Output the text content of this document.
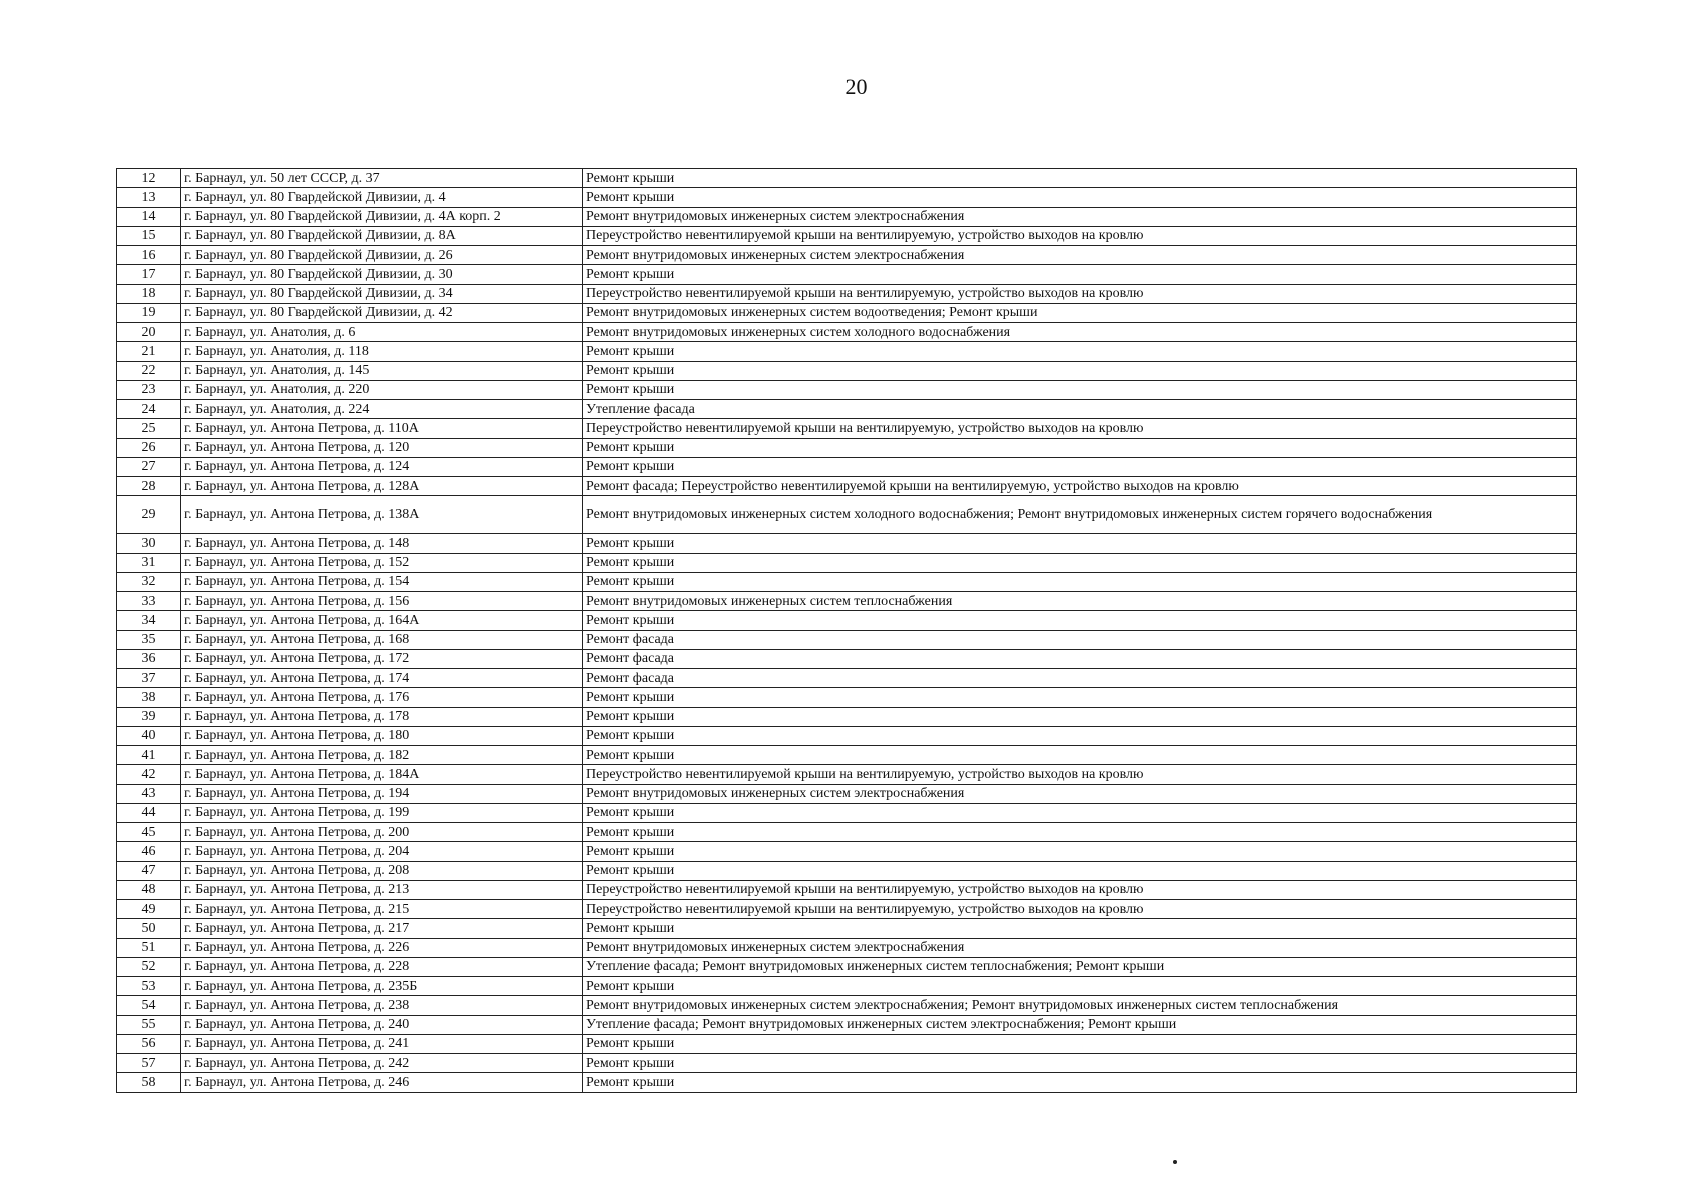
20
12	г. Барнаул, ул. 50 лет СССР, д. 37	Ремонт крыши
13	г. Барнаул, ул. 80 Гвардейской Дивизии, д. 4	Ремонт крыши
14	г. Барнаул, ул. 80 Гвардейской Дивизии, д. 4А корп. 2	Ремонт внутридомовых инженерных систем электроснабжения
15	г. Барнаул, ул. 80 Гвардейской Дивизии, д. 8А	Переустройство невентилируемой крыши на вентилируемую, устройство выходов на кровлю
16	г. Барнаул, ул. 80 Гвардейской Дивизии, д. 26	Ремонт внутридомовых инженерных систем электроснабжения
17	г. Барнаул, ул. 80 Гвардейской Дивизии, д. 30	Ремонт крыши
18	г. Барнаул, ул. 80 Гвардейской Дивизии, д. 34	Переустройство невентилируемой крыши на вентилируемую, устройство выходов на кровлю
19	г. Барнаул, ул. 80 Гвардейской Дивизии, д. 42	Ремонт внутридомовых инженерных систем водоотведения; Ремонт крыши
20	г. Барнаул, ул. Анатолия, д. 6	Ремонт внутридомовых инженерных систем холодного водоснабжения
21	г. Барнаул, ул. Анатолия, д. 118	Ремонт крыши
22	г. Барнаул, ул. Анатолия, д. 145	Ремонт крыши
23	г. Барнаул, ул. Анатолия, д. 220	Ремонт крыши
24	г. Барнаул, ул. Анатолия, д. 224	Утепление фасада
25	г. Барнаул, ул. Антона Петрова, д. 110А	Переустройство невентилируемой крыши на вентилируемую, устройство выходов на кровлю
26	г. Барнаул, ул. Антона Петрова, д. 120	Ремонт крыши
27	г. Барнаул, ул. Антона Петрова, д. 124	Ремонт крыши
28	г. Барнаул, ул. Антона Петрова, д. 128А	Ремонт фасада; Переустройство невентилируемой крыши на вентилируемую, устройство выходов на кровлю
29	г. Барнаул, ул. Антона Петрова, д. 138А	Ремонт внутридомовых инженерных систем холодного водоснабжения; Ремонт внутридомовых инженерных систем горячего водоснабжения
30	г. Барнаул, ул. Антона Петрова, д. 148	Ремонт крыши
31	г. Барнаул, ул. Антона Петрова, д. 152	Ремонт крыши
32	г. Барнаул, ул. Антона Петрова, д. 154	Ремонт крыши
33	г. Барнаул, ул. Антона Петрова, д. 156	Ремонт внутридомовых инженерных систем теплоснабжения
34	г. Барнаул, ул. Антона Петрова, д. 164А	Ремонт крыши
35	г. Барнаул, ул. Антона Петрова, д. 168	Ремонт фасада
36	г. Барнаул, ул. Антона Петрова, д. 172	Ремонт фасада
37	г. Барнаул, ул. Антона Петрова, д. 174	Ремонт фасада
38	г. Барнаул, ул. Антона Петрова, д. 176	Ремонт крыши
39	г. Барнаул, ул. Антона Петрова, д. 178	Ремонт крыши
40	г. Барнаул, ул. Антона Петрова, д. 180	Ремонт крыши
41	г. Барнаул, ул. Антона Петрова, д. 182	Ремонт крыши
42	г. Барнаул, ул. Антона Петрова, д. 184А	Переустройство невентилируемой крыши на вентилируемую, устройство выходов на кровлю
43	г. Барнаул, ул. Антона Петрова, д. 194	Ремонт внутридомовых инженерных систем электроснабжения
44	г. Барнаул, ул. Антона Петрова, д. 199	Ремонт крыши
45	г. Барнаул, ул. Антона Петрова, д. 200	Ремонт крыши
46	г. Барнаул, ул. Антона Петрова, д. 204	Ремонт крыши
47	г. Барнаул, ул. Антона Петрова, д. 208	Ремонт крыши
48	г. Барнаул, ул. Антона Петрова, д. 213	Переустройство невентилируемой крыши на вентилируемую, устройство выходов на кровлю
49	г. Барнаул, ул. Антона Петрова, д. 215	Переустройство невентилируемой крыши на вентилируемую, устройство выходов на кровлю
50	г. Барнаул, ул. Антона Петрова, д. 217	Ремонт крыши
51	г. Барнаул, ул. Антона Петрова, д. 226	Ремонт внутридомовых инженерных систем электроснабжения
52	г. Барнаул, ул. Антона Петрова, д. 228	Утепление фасада; Ремонт внутридомовых инженерных систем теплоснабжения; Ремонт крыши
53	г. Барнаул, ул. Антона Петрова, д. 235Б	Ремонт крыши
54	г. Барнаул, ул. Антона Петрова, д. 238	Ремонт внутридомовых инженерных систем электроснабжения; Ремонт внутридомовых инженерных систем теплоснабжения
55	г. Барнаул, ул. Антона Петрова, д. 240	Утепление фасада; Ремонт внутридомовых инженерных систем электроснабжения; Ремонт крыши
56	г. Барнаул, ул. Антона Петрова, д. 241	Ремонт крыши
57	г. Барнаул, ул. Антона Петрова, д. 242	Ремонт крыши
58	г. Барнаул, ул. Антона Петрова, д. 246	Ремонт крыши
